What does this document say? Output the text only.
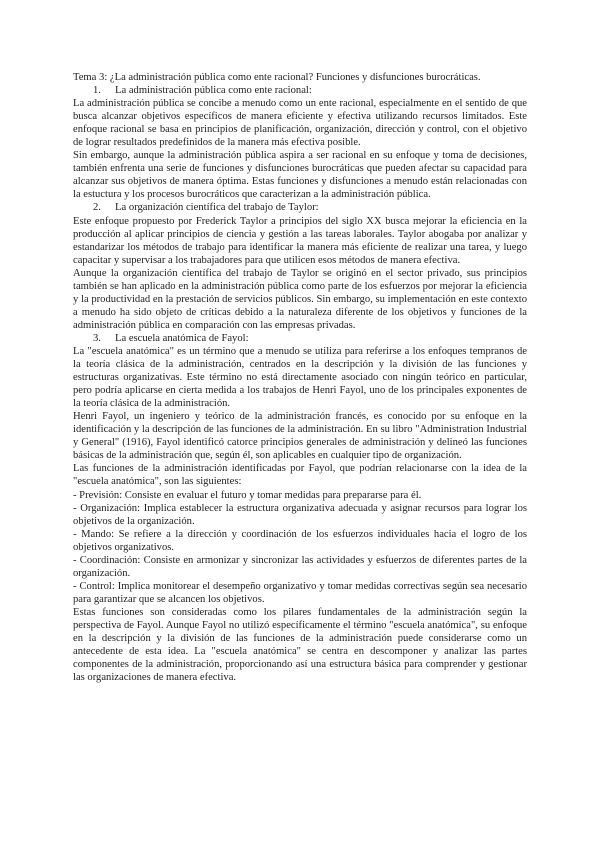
Tema 3: ¿La administración pública como ente racional? Funciones y disfunciones burocráticas.

1. La administración pública como ente racional:

La administración pública se concibe a menudo como un ente racional, especialmente en el sentido de que busca alcanzar objetivos específicos de manera eficiente y efectiva utilizando recursos limitados. Este enfoque racional se basa en principios de planificación, organización, dirección y control, con el objetivo de lograr resultados predefinidos de la manera más efectiva posible.

Sin embargo, aunque la administración pública aspira a ser racional en su enfoque y toma de decisiones, también enfrenta una serie de funciones y disfunciones burocráticas que pueden afectar su capacidad para alcanzar sus objetivos de manera óptima. Estas funciones y disfunciones a menudo están relacionadas con la estuctura y los procesos burocráticos que caracterizan a la administración pública.

2. La organización científica del trabajo de Taylor:

Este enfoque propuesto por Frederick Taylor a principios del siglo XX busca mejorar la eficiencia en la producción al aplicar principios de ciencia y gestión a las tareas laborales. Taylor abogaba por analizar y estandarizar los métodos de trabajo para identificar la manera más eficiente de realizar una tarea, y luego capacitar y supervisar a los trabajadores para que utilicen esos métodos de manera efectiva.

Aunque la organización científica del trabajo de Taylor se originó en el sector privado, sus principios también se han aplicado en la administración pública como parte de los esfuerzos por mejorar la eficiencia y la productividad en la prestación de servicios públicos. Sin embargo, su implementación en este contexto a menudo ha sido objeto de críticas debido a la naturaleza diferente de los objetivos y funciones de la administración pública en comparación con las empresas privadas.

3. La escuela anatómica de Fayol:

La "escuela anatómica" es un término que a menudo se utiliza para referirse a los enfoques tempranos de la teoría clásica de la administración, centrados en la descripción y la división de las funciones y estructuras organizativas. Este término no está directamente asociado con ningún teórico en particular, pero podría aplicarse en cierta medida a los trabajos de Henri Fayol, uno de los principales exponentes de la teoría clásica de la administración.

Henri Fayol, un ingeniero y teórico de la administración francés, es conocido por su enfoque en la identificación y la descripción de las funciones de la administración. En su libro "Administration Industrial y General" (1916), Fayol identificó catorce principios generales de administración y delineó las funciones básicas de la administración que, según él, son aplicables en cualquier tipo de organización.

Las funciones de la administración identificadas por Fayol, que podrían relacionarse con la idea de la "escuela anatómica", son las siguientes:

- Previsión: Consiste en evaluar el futuro y tomar medidas para prepararse para él.

- Organización: Implica establecer la estructura organizativa adecuada y asignar recursos para lograr los objetivos de la organización.

- Mando: Se refiere a la dirección y coordinación de los esfuerzos individuales hacia el logro de los objetivos organizativos.

- Coordinación: Consiste en armonizar y sincronizar las actividades y esfuerzos de diferentes partes de la organización.

- Control: Implica monitorear el desempeño organizativo y tomar medidas correctivas según sea necesario para garantizar que se alcancen los objetivos.

Estas funciones son consideradas como los pilares fundamentales de la administración según la perspectiva de Fayol. Aunque Fayol no utilizó específicamente el término "escuela anatómica", su enfoque en la descripción y la división de las funciones de la administración puede considerarse como un antecedente de esta idea. La "escuela anatómica" se centra en descomponer y analizar las partes componentes de la administración, proporcionando así una estructura básica para comprender y gestionar las organizaciones de manera efectiva.
